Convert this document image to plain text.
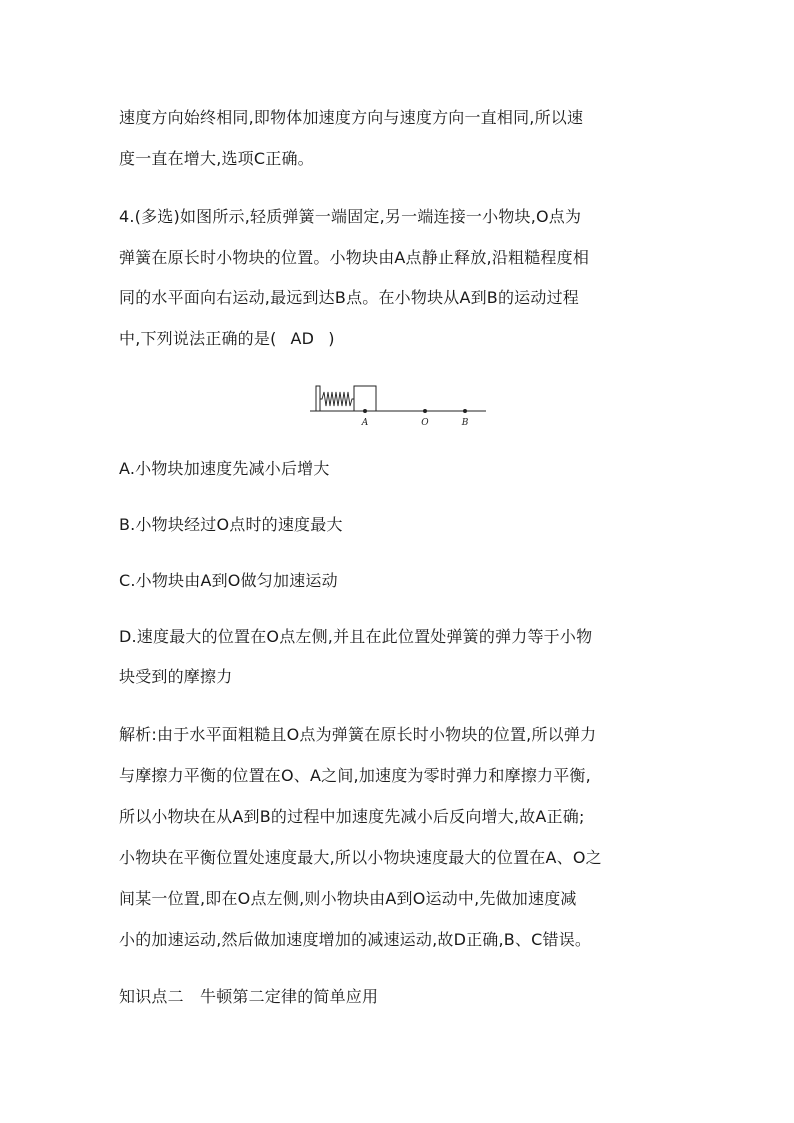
速度方向始终相同,即物体加速度方向与速度方向一直相同,所以速
度一直在增大,选项C正确。
4.(多选)如图所示,轻质弹簧一端固定,另一端连接一小物块,O点为
弹簧在原长时小物块的位置。小物块由A点静止释放,沿粗糙程度相
同的水平面向右运动,最远到达B点。在小物块从A到B的运动过程
中,下列说法正确的是( AD )
A	O	B
A.小物块加速度先减小后增大
B.小物块经过O点时的速度最大
C.小物块由A到O做匀加速运动
D.速度最大的位置在O点左侧,并且在此位置处弹簧的弹力等于小物
块受到的摩擦力
解析:由于水平面粗糙且O点为弹簧在原长时小物块的位置,所以弹力
与摩擦力平衡的位置在O、A之间,加速度为零时弹力和摩擦力平衡,
所以小物块在从A到B的过程中加速度先减小后反向增大,故A正确;
小物块在平衡位置处速度最大,所以小物块速度最大的位置在A、O之
间某一位置,即在O点左侧,则小物块由A到O运动中,先做加速度减
小的加速运动,然后做加速度增加的减速运动,故D正确,B、C错误。
知识点二　牛顿第二定律的简单应用
